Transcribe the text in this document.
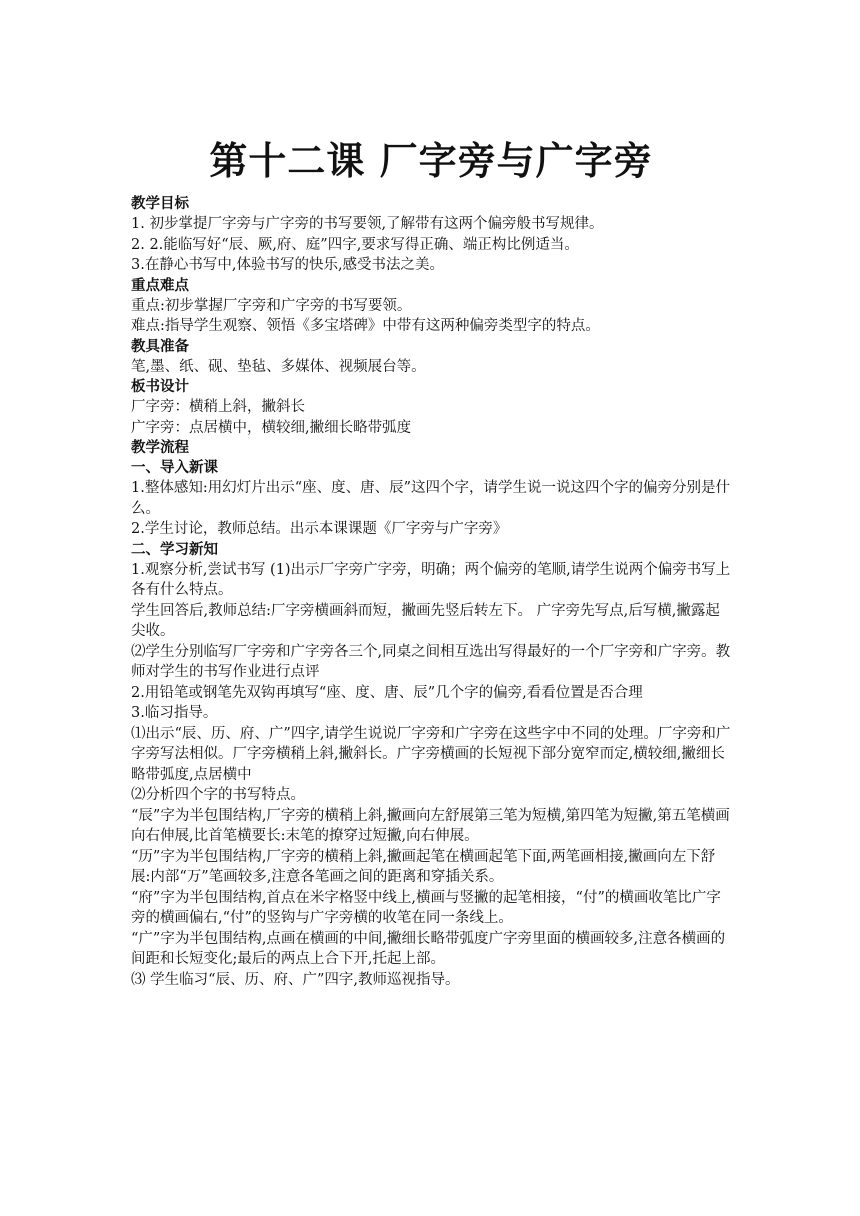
第十二课 厂字旁与广字旁
教学目标
1. 初步掌提厂字旁与广字旁的书写要领,了解带有这两个偏旁般书写规律。
2. 2.能临写好“辰、厥,府、庭”四字,要求写得正确、端正构比例适当。
3.在静心书写中,体验书写的快乐,感受书法之美。
重点难点
重点:初步掌握厂字旁和广字旁的书写要领。
难点:指导学生观察、领悟《多宝塔碑》中带有这两种偏旁类型字的特点。
教具准备
笔,墨、纸、砚、垫毡、多媒体、视频展台等。
板书设计
厂字旁：横稍上斜，撇斜长
广字旁：点居横中，横较细,撇细长略带弧度
教学流程
一、导入新课
1.整体感知:用幻灯片出示“座、度、唐、辰”这四个字，请学生说一说这四个字的偏旁分别是什么。
2.学生讨论，教师总结。出示本课课题《厂字旁与广字旁》
二、学习新知
1.观察分析,尝试书写 (1)出示厂字旁广字旁，明确；两个偏旁的笔顺,请学生说两个偏旁书写上各有什么特点。
学生回答后,教师总结:厂字旁横画斜而短，撇画先竖后转左下。 广字旁先写点,后写横,撇露起尖收。
⑵学生分别临写厂字旁和广字旁各三个,同桌之间相互选出写得最好的一个厂字旁和广字旁。教师对学生的书写作业进行点评
2.用铅笔或钢笔先双钩再填写“座、度、唐、辰”几个字的偏旁,看看位置是否合理
3.临习指导。
⑴出示“辰、历、府、广”四字,请学生说说厂字旁和广字旁在这些字中不同的处理。厂字旁和广字旁写法相似。厂字旁横稍上斜,撇斜长。广字旁横画的长短视下部分宽窄而定,横较细,撇细长略带弧度,点居横中
⑵分析四个字的书写特点。
“辰”字为半包围结构,厂字旁的横稍上斜,撇画向左舒展第三笔为短横,第四笔为短撇,第五笔横画向右伸展,比首笔横要长:末笔的撩穿过短撇,向右伸展。
“历”字为半包围结构,厂字旁的横稍上斜,撇画起笔在横画起笔下面,两笔画相接,撇画向左下舒展:内部“万”笔画较多,注意各笔画之间的距离和穿插关系。
“府”字为半包围结构,首点在米字格竖中线上,横画与竖撇的起笔相接，“付”的横画收笔比广字旁的横画偏右,“付”的竖钩与广字旁横的收笔在同一条线上。
“广”字为半包围结构,点画在横画的中间,撇细长略带弧度广字旁里面的横画较多,注意各横画的间距和长短变化;最后的两点上合下开,托起上部。
⑶ 学生临习“辰、历、府、广”四字,教师巡视指导。
